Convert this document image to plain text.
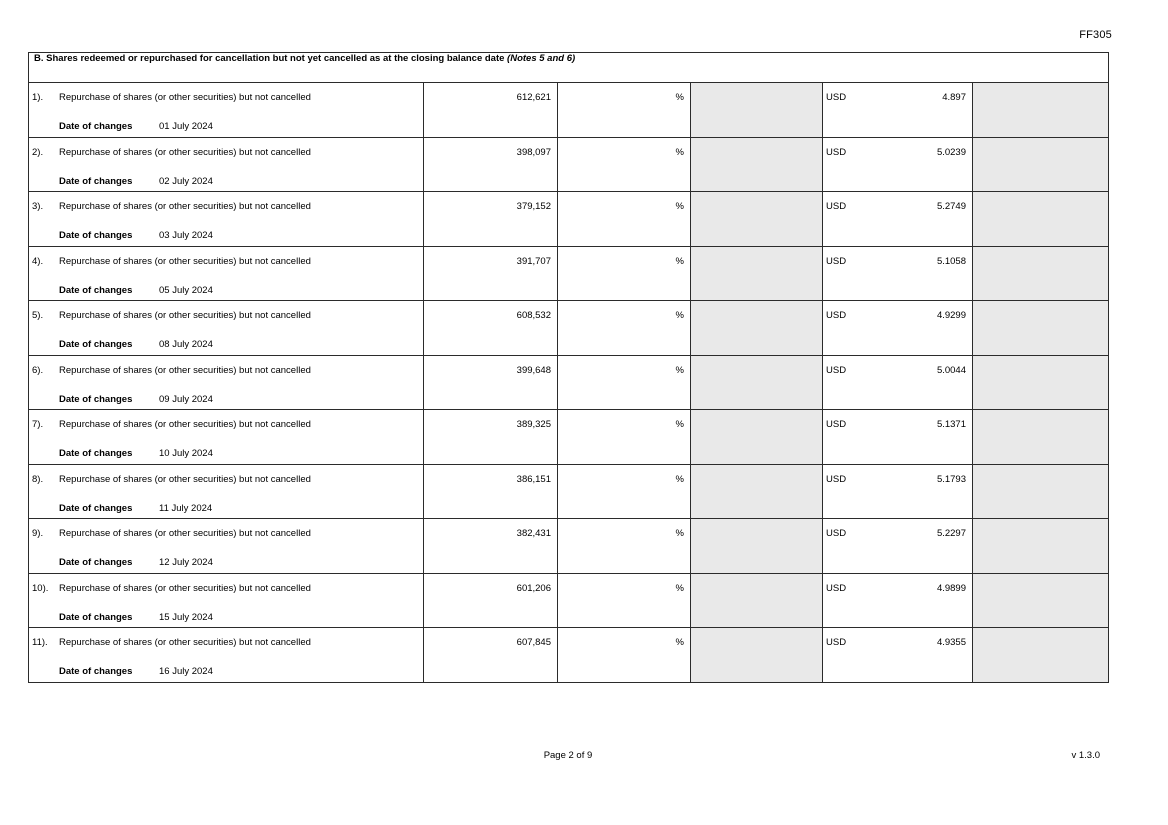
FF305
B. Shares redeemed or repurchased for cancellation but not yet cancelled as at the closing balance date (Notes 5 and 6)					

1). Repurchase of shares (or other securities) but not cancelled
Date of changes	01 July 2024
	612,621	%		USD	4.897

2). Repurchase of shares (or other securities) but not cancelled
Date of changes	02 July 2024
	398,097	%		USD	5.0239

3). Repurchase of shares (or other securities) but not cancelled
Date of changes	03 July 2024
	379,152	%		USD	5.2749

4). Repurchase of shares (or other securities) but not cancelled
Date of changes	05 July 2024
	391,707	%		USD	5.1058

5). Repurchase of shares (or other securities) but not cancelled
Date of changes	08 July 2024
	608,532	%		USD	4.9299

6). Repurchase of shares (or other securities) but not cancelled
Date of changes	09 July 2024
	399,648	%		USD	5.0044

7). Repurchase of shares (or other securities) but not cancelled
Date of changes	10 July 2024
	389,325	%		USD	5.1371

8). Repurchase of shares (or other securities) but not cancelled
Date of changes	11 July 2024
	386,151	%		USD	5.1793

9). Repurchase of shares (or other securities) but not cancelled
Date of changes	12 July 2024
	382,431	%		USD	5.2297

10). Repurchase of shares (or other securities) but not cancelled
Date of changes	15 July 2024
	601,206	%		USD	4.9899

11). Repurchase of shares (or other securities) but not cancelled
Date of changes	16 July 2024
	607,845	%		USD	4.9355

Page 2 of 9	v 1.3.0
